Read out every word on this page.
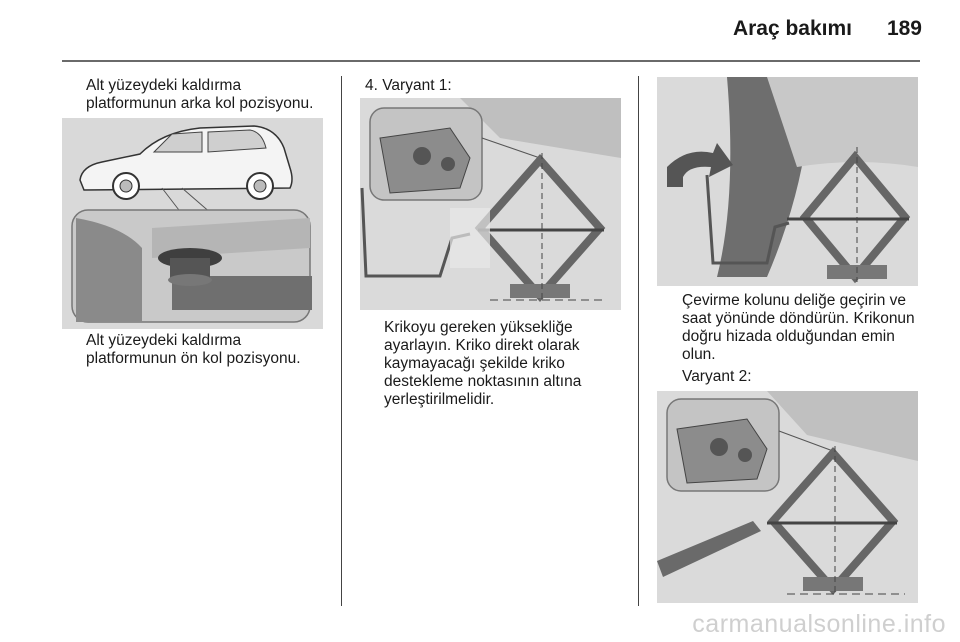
Araç bakımı 189
Alt yüzeydeki kaldırma
platformunun arka kol pozisyonu.
Alt yüzeydeki kaldırma
platformunun ön kol pozisyonu.
4. Varyant 1:
Krikoyu gereken yüksekliğe
ayarlayın. Kriko direkt olarak
kaymayacağı şekilde kriko
destekleme noktasının altına
yerleştirilmelidir.
Çevirme kolunu deliğe geçirin ve
saat yönünde döndürün. Krikonun
doğru hizada olduğundan emin
olun.
Varyant 2:
carmanualsonline.info
